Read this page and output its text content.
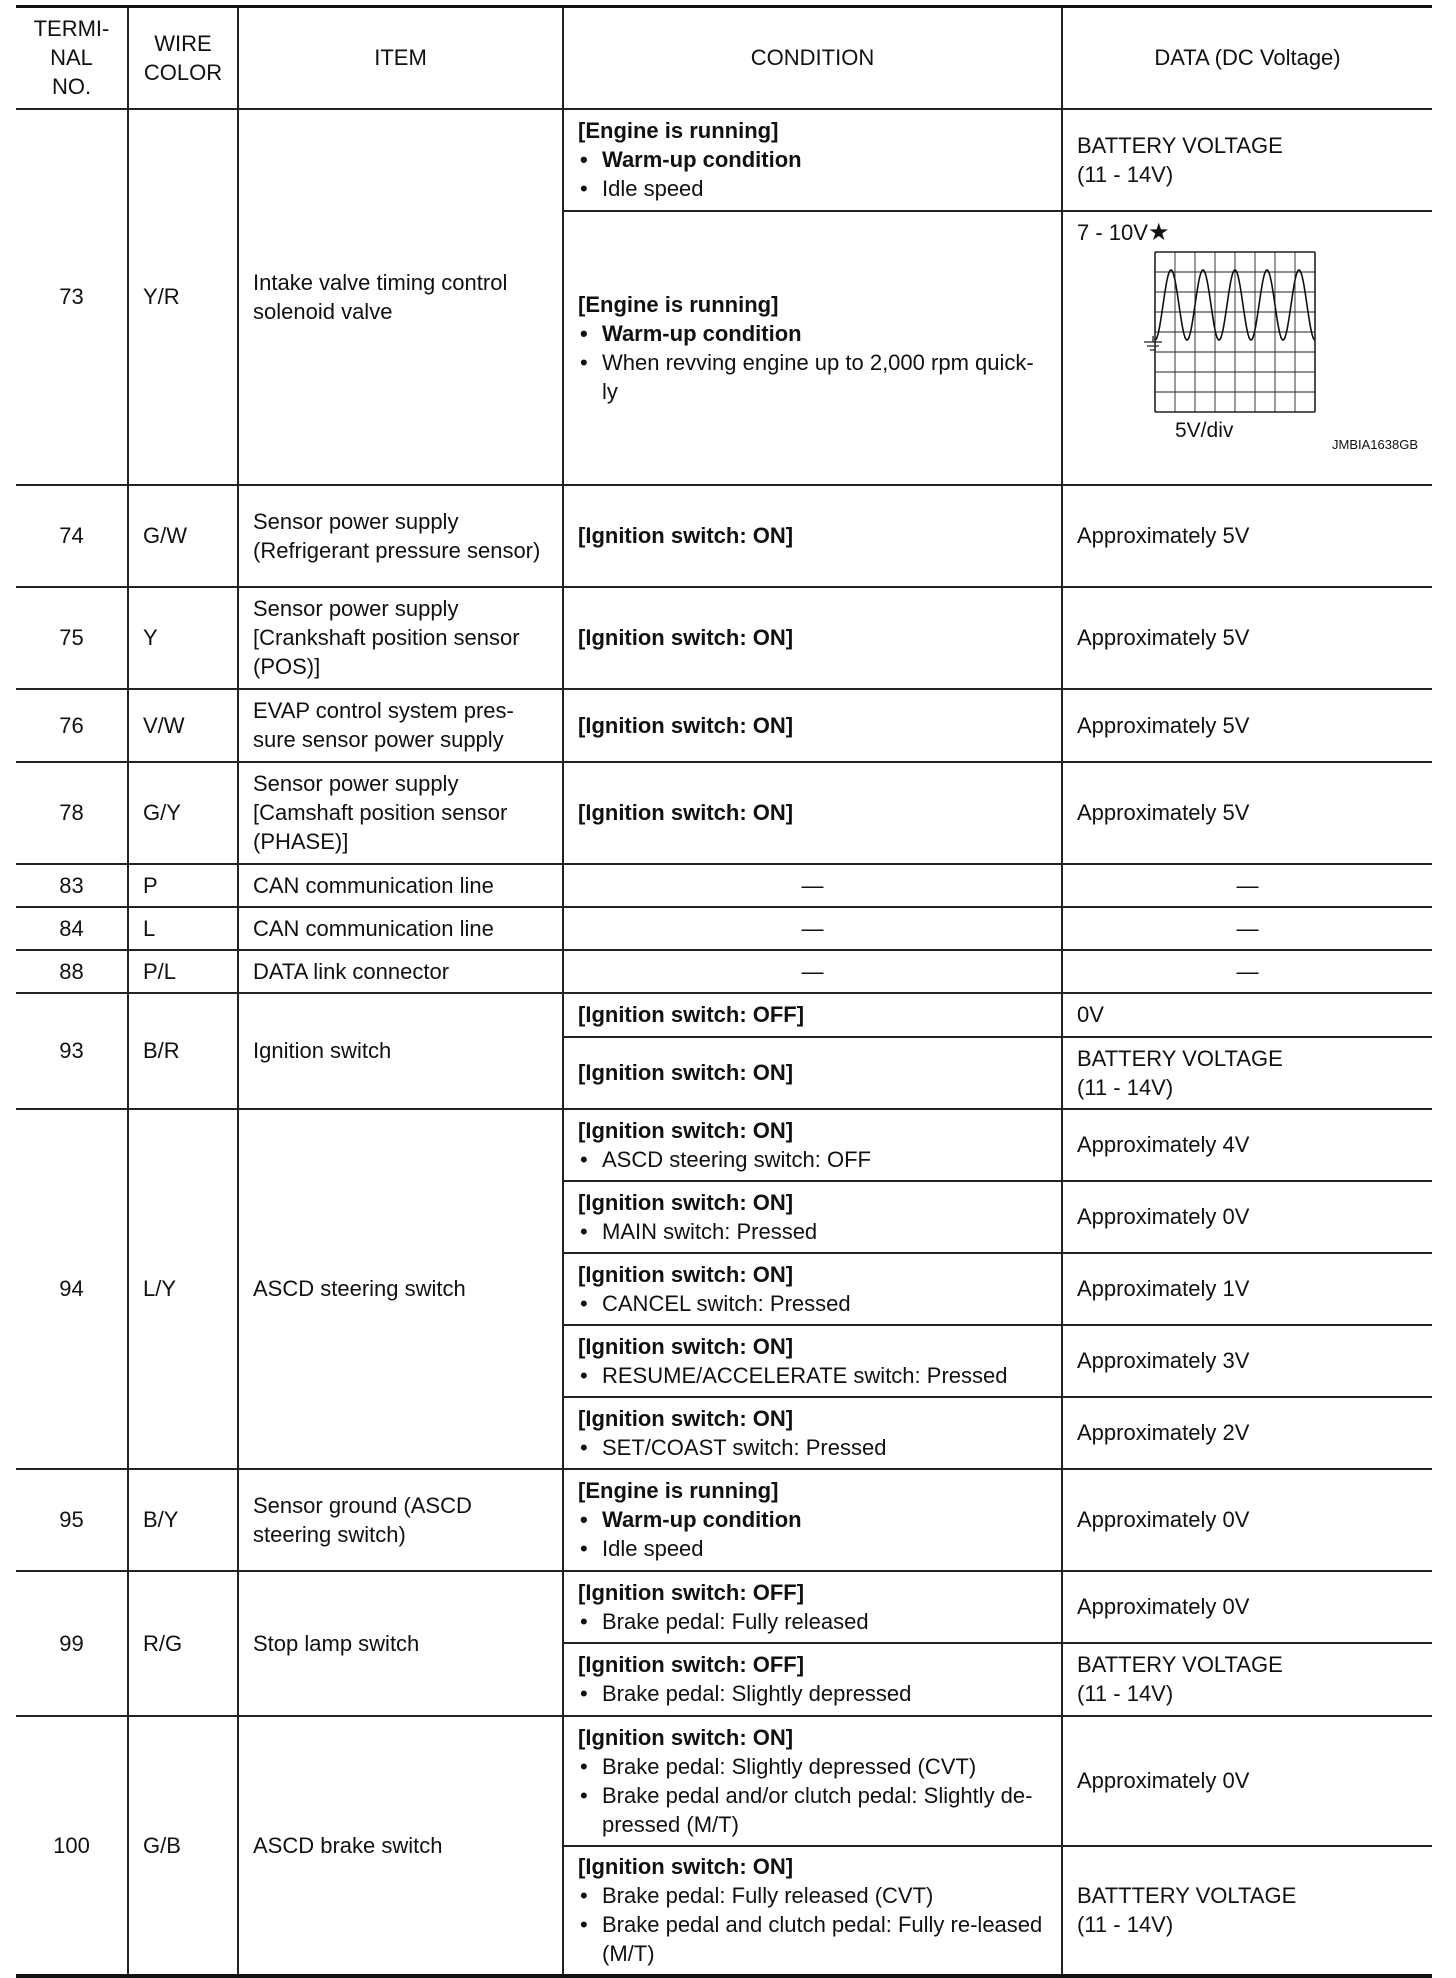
TERMI-
NAL
NO.	WIRE
COLOR	ITEM	CONDITION	DATA (DC Voltage)
73	Y/R	Intake valve timing control solenoid valve	[Engine is running]
• Warm-up condition
• Idle speed	BATTERY VOLTAGE
(11 - 14V)

			[Engine is running]
• Warm-up condition
• When revving engine up to 2,000 rpm quick-ly	7 - 10V★
5V/div
JMBIA1638GB

74	G/W	Sensor power supply (Refrigerant pressure sensor)	[Ignition switch: ON]	Approximately 5V

75	Y	Sensor power supply [Crankshaft position sensor (POS)]	[Ignition switch: ON]	Approximately 5V

76	V/W	EVAP control system pres-sure sensor power supply	[Ignition switch: ON]	Approximately 5V

78	G/Y	Sensor power supply [Camshaft position sensor (PHASE)]	[Ignition switch: ON]	Approximately 5V

83	P	CAN communication line	—	—
84	L	CAN communication line	—	—
88	P/L	DATA link connector	—	—
93	B/R	Ignition switch	[Ignition switch: OFF]	0V

			[Ignition switch: ON]	BATTERY VOLTAGE
(11 - 14V)

94	L/Y	ASCD steering switch	[Ignition switch: ON]
• ASCD steering switch: OFF	Approximately 4V

			[Ignition switch: ON]
• MAIN switch: Pressed	Approximately 0V

			[Ignition switch: ON]
• CANCEL switch: Pressed	Approximately 1V

			[Ignition switch: ON]
• RESUME/ACCELERATE switch: Pressed	Approximately 3V

			[Ignition switch: ON]
• SET/COAST switch: Pressed	Approximately 2V

95	B/Y	Sensor ground (ASCD steering switch)	[Engine is running]
• Warm-up condition
• Idle speed	Approximately 0V

99	R/G	Stop lamp switch	[Ignition switch: OFF]
• Brake pedal: Fully released	Approximately 0V

			[Ignition switch: OFF]
• Brake pedal: Slightly depressed	BATTERY VOLTAGE
(11 - 14V)

100	G/B	ASCD brake switch	[Ignition switch: ON]
• Brake pedal: Slightly depressed (CVT)
• Brake pedal and/or clutch pedal: Slightly de-pressed (M/T)	Approximately 0V

			[Ignition switch: ON]
• Brake pedal: Fully released (CVT)
• Brake pedal and clutch pedal: Fully re-leased (M/T)	BATTTERY VOLTAGE
(11 - 14V)
